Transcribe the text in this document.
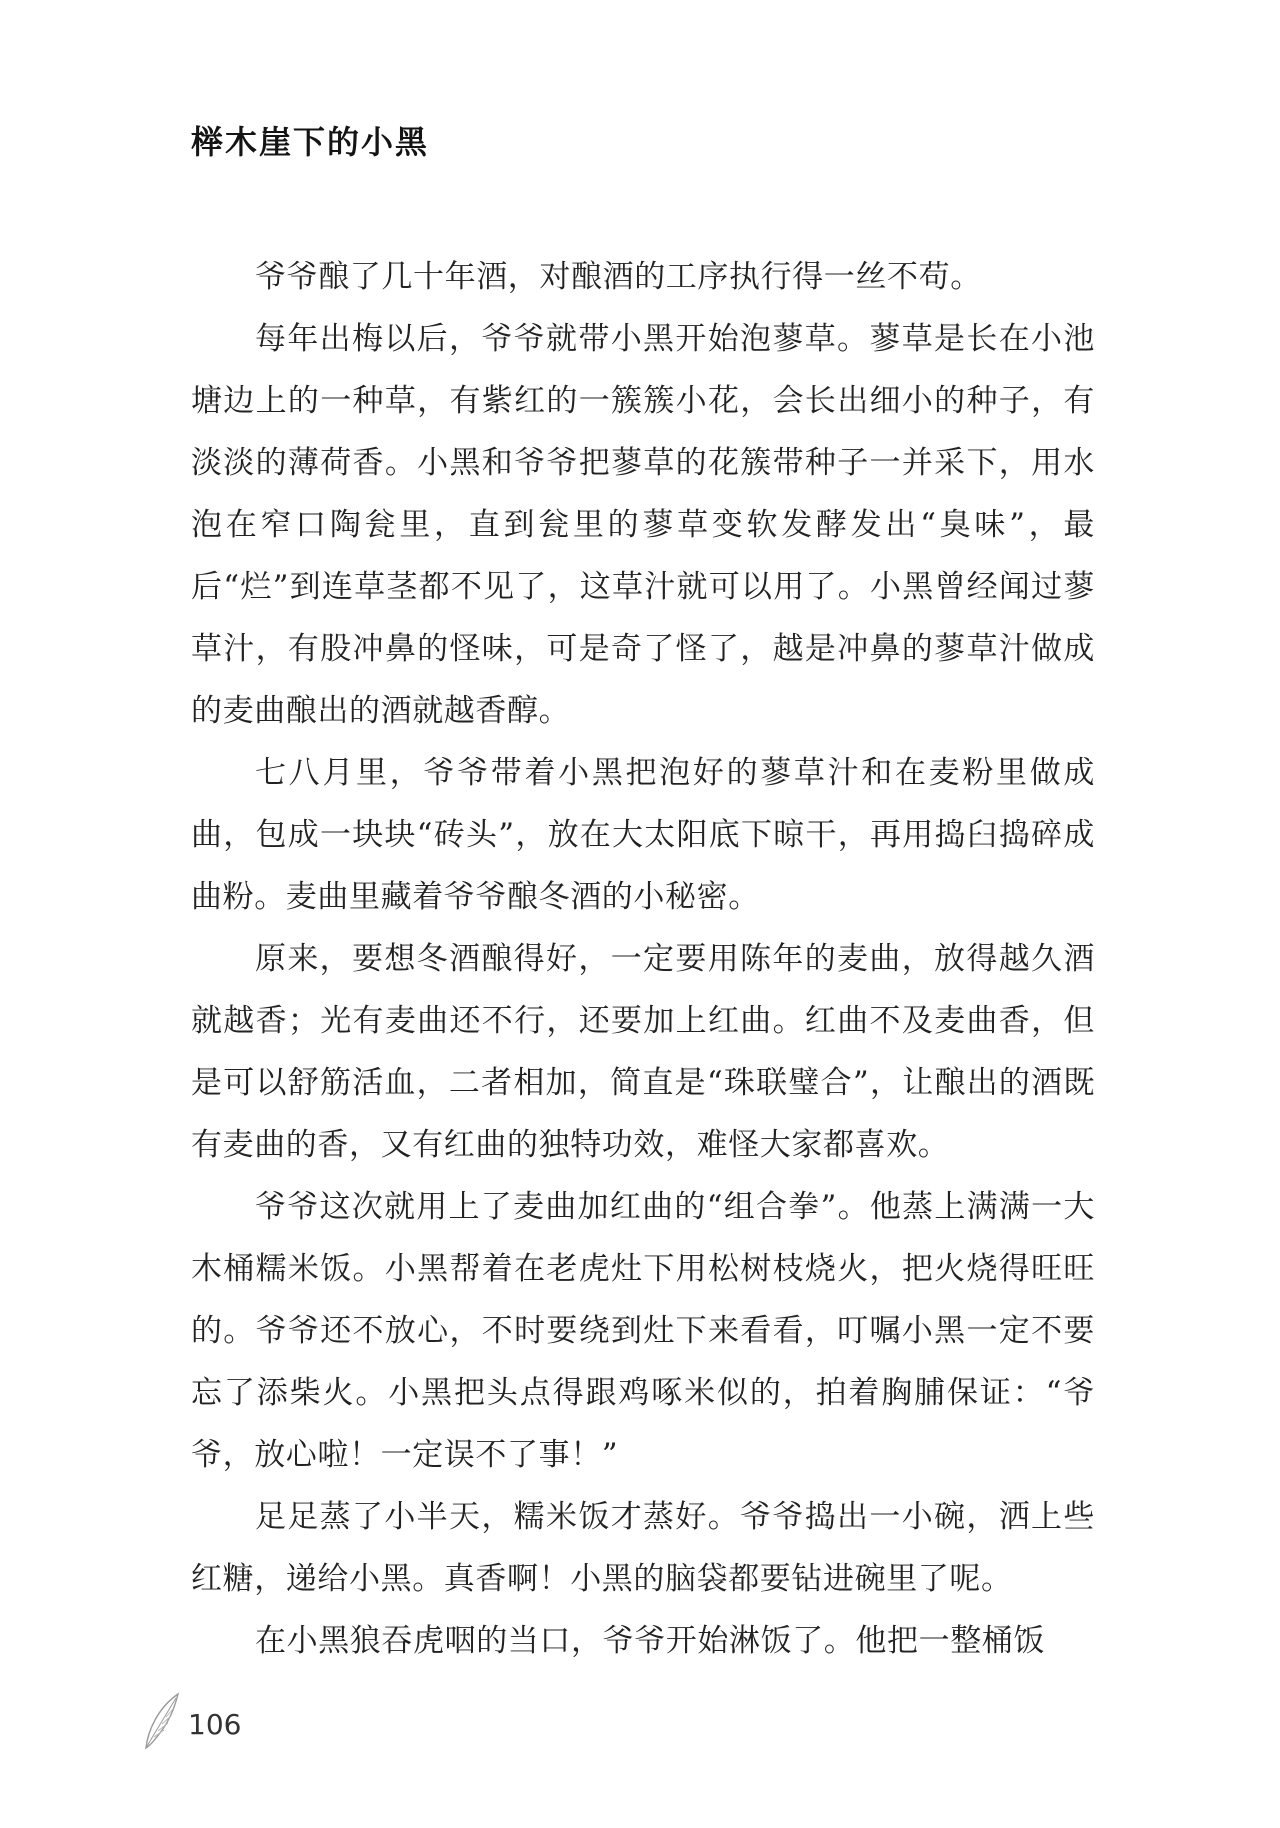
榉木崖下的小黑

爷爷酿了几十年酒，对酿酒的工序执行得一丝不苟。

每年出梅以后，爷爷就带小黑开始泡蓼草。蓼草是长在小池塘边上的一种草，有紫红的一簇簇小花，会长出细小的种子，有淡淡的薄荷香。小黑和爷爷把蓼草的花簇带种子一并采下，用水泡在窄口陶瓮里，直到瓮里的蓼草变软发酵发出“臭味”，最后“烂”到连草茎都不见了，这草汁就可以用了。小黑曾经闻过蓼草汁，有股冲鼻的怪味，可是奇了怪了，越是冲鼻的蓼草汁做成的麦曲酿出的酒就越香醇。

七八月里，爷爷带着小黑把泡好的蓼草汁和在麦粉里做成曲，包成一块块“砖头”，放在大太阳底下晾干，再用捣臼捣碎成曲粉。麦曲里藏着爷爷酿冬酒的小秘密。

原来，要想冬酒酿得好，一定要用陈年的麦曲，放得越久酒就越香；光有麦曲还不行，还要加上红曲。红曲不及麦曲香，但是可以舒筋活血，二者相加，简直是“珠联璧合”，让酿出的酒既有麦曲的香，又有红曲的独特功效，难怪大家都喜欢。

爷爷这次就用上了麦曲加红曲的“组合拳”。他蒸上满满一大木桶糯米饭。小黑帮着在老虎灶下用松树枝烧火，把火烧得旺旺的。爷爷还不放心，不时要绕到灶下来看看，叮嘱小黑一定不要忘了添柴火。小黑把头点得跟鸡啄米似的，拍着胸脯保证：“爷爷，放心啦！一定误不了事！”

足足蒸了小半天，糯米饭才蒸好。爷爷捣出一小碗，洒上些红糖，递给小黑。真香啊！小黑的脑袋都要钻进碗里了呢。

在小黑狼吞虎咽的当口，爷爷开始淋饭了。他把一整桶饭

106
